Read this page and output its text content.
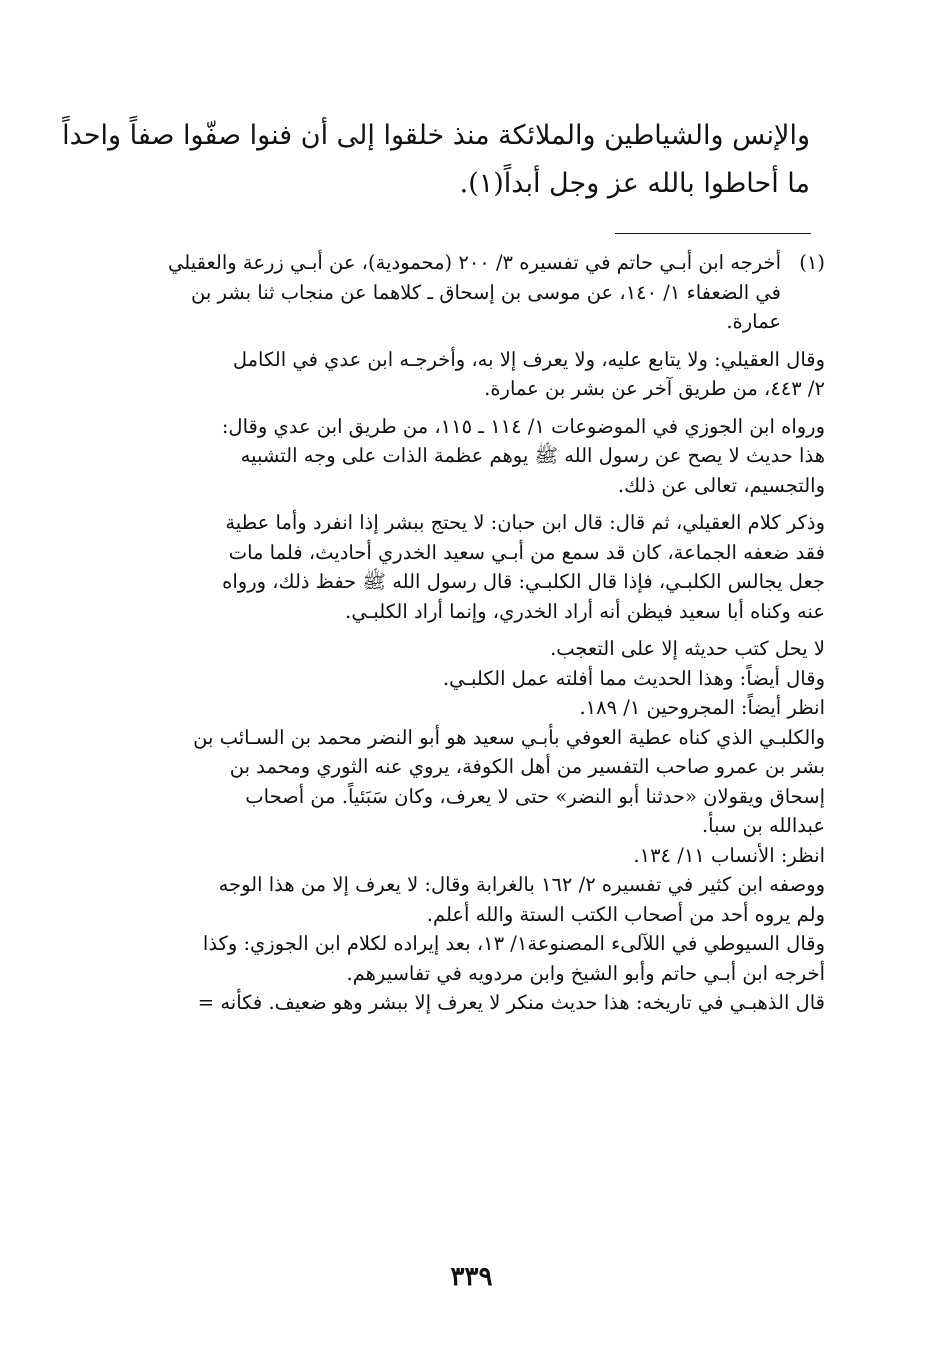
والإنس والشياطين والملائكة منذ خلقوا إلى أن فنوا صفّوا صفاً واحداً
ما أحاطوا بالله عز وجل أبداً(١).
(١)
أخرجه ابن أبـي حاتم في تفسيره ٣/ ٢٠٠ (محمودية)، عن أبـي زرعة والعقيلي
في الضعفاء ١/ ١٤٠، عن موسى بن إسحاق ـ كلاهما عن منجاب ثنا بشر بن
عمارة.
وقال العقيلي: ولا يتابع عليه، ولا يعرف إلا به، وأخرجـه ابن عدي في الكامل
٢/ ٤٤٣، من طريق آخر عن بشر بن عمارة.
ورواه ابن الجوزي في الموضوعات ١/ ١١٤ ـ ١١٥، من طريق ابن عدي وقال:
هذا حديث لا يصح عن رسول الله ﷺ يوهم عظمة الذات على وجه التشبيه
والتجسيم، تعالى عن ذلك.
وذكر كلام العقيلي، ثم قال: قال ابن حبان: لا يحتج ببشر إذا انفرد وأما عطية
فقد ضعفه الجماعة، كان قد سمع من أبـي سعيد الخدري أحاديث، فلما مات
جعل يجالس الكلبـي، فإذا قال الكلبـي: قال رسول الله ﷺ حفظ ذلك، ورواه
عنه وكناه أبا سعيد فيظن أنه أراد الخدري، وإنما أراد الكلبـي.
لا يحل كتب حديثه إلا على التعجب.
وقال أيضاً: وهذا الحديث مما أفلته عمل الكلبـي.
انظر أيضاً: المجروحين ١/ ١٨٩.
والكلبـي الذي كناه عطية العوفي بأبـي سعيد هو أبو النضر محمد بن السـائب بن
بشر بن عمرو صاحب التفسير من أهل الكوفة، يروي عنه الثوري ومحمد بن
إسحاق ويقولان «حدثنا أبو النضر» حتى لا يعرف، وكان سَبَئياً. من أصحاب
عبدالله بن سبأ.
انظر: الأنساب ١١/ ١٣٤.
ووصفه ابن كثير في تفسيره ٢/ ١٦٢ بالغرابة وقال: لا يعرف إلا من هذا الوجه
ولم يروه أحد من أصحاب الكتب الستة والله أعلم.
وقال السيوطي في اللآلىء المصنوعة١/ ١٣، بعد إيراده لكلام ابن الجوزي: وكذا
أخرجه ابن أبـي حاتم وأبو الشيخ وابن مردويه في تفاسيرهم.
قال الذهبـي في تاريخه: هذا حديث منكر لا يعرف إلا ببشر وهو ضعيف. فكأنه =
٣٣٩
